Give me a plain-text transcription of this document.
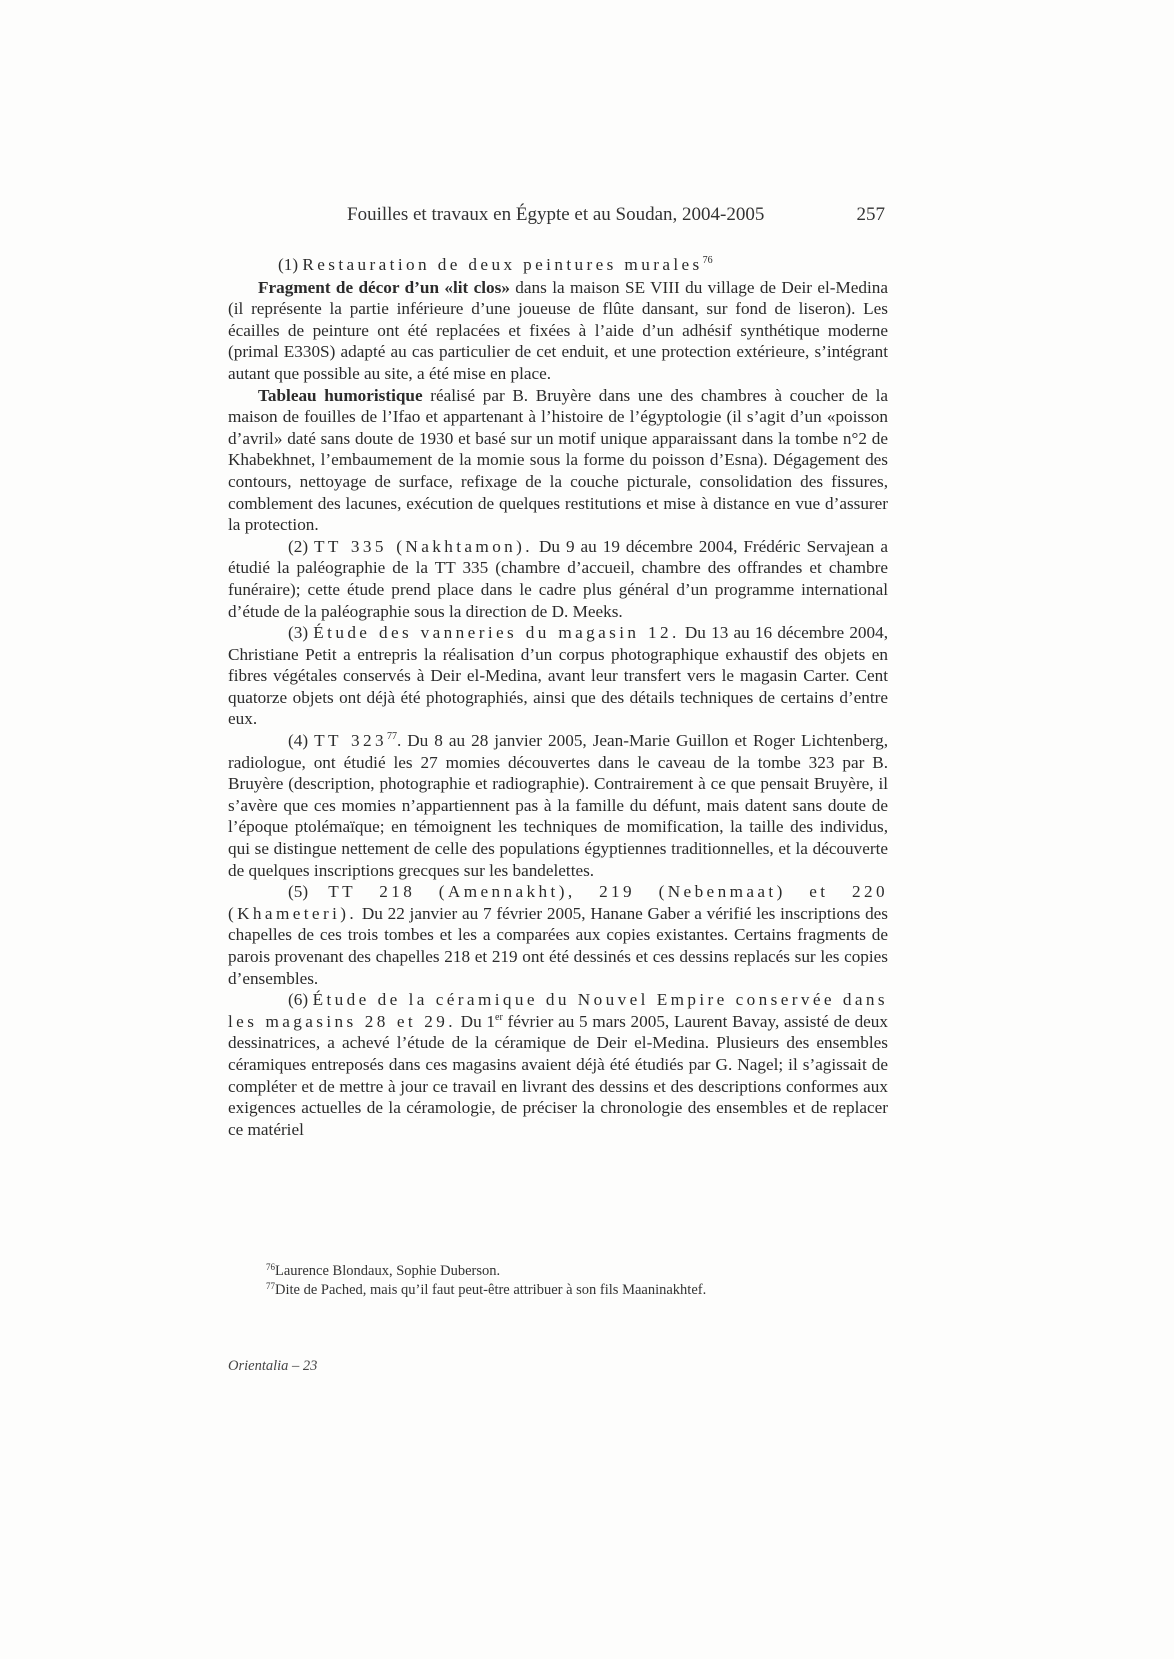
Fouilles et travaux en Égypte et au Soudan, 2004-2005	257

(1) Restauration de deux peintures murales$^{76}$

Fragment de décor d’un «lit clos» dans la maison SE VIII du village de Deir el-Medina (il représente la partie inférieure d’une joueuse de flûte dansant, sur fond de liseron). Les écailles de peinture ont été replacées et fixées à l’aide d’un adhésif synthétique moderne (primal E330S) adapté au cas particulier de cet enduit, et une protection extérieure, s’intégrant autant que possible au site, a été mise en place.

Tableau humoristique réalisé par B. Bruyère dans une des chambres à coucher de la maison de fouilles de l’Ifao et appartenant à l’histoire de l’égyptologie (il s’agit d’un «poisson d’avril» daté sans doute de 1930 et basé sur un motif unique apparaissant dans la tombe n°2 de Khabekhnet, l’embaumement de la momie sous la forme du poisson d’Esna). Dégagement des contours, nettoyage de surface, refixage de la couche picturale, consolidation des fissures, comblement des lacunes, exécution de quelques restitutions et mise à distance en vue d’assurer la protection.

(2) TT 335 (Nakhtamon). Du 9 au 19 décembre 2004, Frédéric Servajean a étudié la paléographie de la TT 335 (chambre d’accueil, chambre des offrandes et chambre funéraire); cette étude prend place dans le cadre plus général d’un programme international d’étude de la paléographie sous la direction de D. Meeks.

(3) Étude des vanneries du magasin 12. Du 13 au 16 décembre 2004, Christiane Petit a entrepris la réalisation d’un corpus photographique exhaustif des objets en fibres végétales conservés à Deir el-Medina, avant leur transfert vers le magasin Carter. Cent quatorze objets ont déjà été photographiés, ainsi que des détails techniques de certains d’entre eux.

(4) TT $323^{77}$. Du 8 au 28 janvier 2005, Jean-Marie Guillon et Roger Lichtenberg, radiologue, ont étudié les 27 momies découvertes dans le caveau de la tombe 323 par B. Bruyère (description, photographie et radiographie). Contrairement à ce que pensait Bruyère, il s’avère que ces momies n’appartiennent pas à la famille du défunt, mais datent sans doute de l’époque ptolémaïque; en témoignent les techniques de momification, la taille des individus, qui se distingue nettement de celle des populations égyptiennes traditionnelles, et la découverte de quelques inscriptions grecques sur les bandelettes.

(5) TT 218 (Amennakht), 219 (Nebenmaat) et 220 (Khameteri). Du 22 janvier au 7 février 2005, Hanane Gaber a vérifié les inscriptions des chapelles de ces trois tombes et les a comparées aux copies existantes. Certains fragments de parois provenant des chapelles 218 et 219 ont été dessinés et ces dessins replacés sur les copies d’ensembles.

(6) Étude de la céramique du Nouvel Empire conservée dans les magasins 28 et 29. Du 1er février au 5 mars 2005, Laurent Bavay, assisté de deux dessinatrices, a achevé l’étude de la céramique de Deir el-Medina. Plusieurs des ensembles céramiques entreposés dans ces magasins avaient déjà été étudiés par G. Nagel; il s’agissait de compléter et de mettre à jour ce travail en livrant des dessins et des descriptions conformes aux exigences actuelles de la céramologie, de préciser la chronologie des ensembles et de replacer ce matériel

$^{76}$Laurence Blondaux, Sophie Duberson.
$^{77}$Dite de Pached, mais qu’il faut peut-être attribuer à son fils Maaninakhtef.
Orientalia – 23
